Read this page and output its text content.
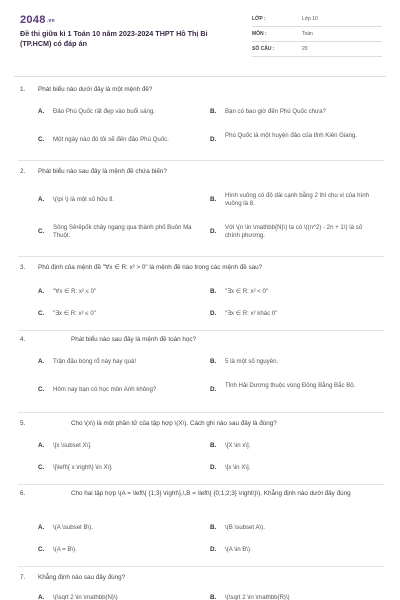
2048.vn
Đề thi giữa kì 1 Toán 10 năm 2023-2024 THPT Hồ Thị Bi (TP.HCM) có đáp án
LỚP :	Lớp 10
MÔN :	Toán
SỐ CÂU :	20
1. Phát biểu nào dưới đây là một mệnh đề?
A. Đảo Phú Quốc rất đẹp vào buổi sáng.	B. Bạn có bao giờ đến Phú Quốc chưa?
C. Một ngày nào đó tôi sẽ đến đảo Phú Quốc.	D.
Phú Quốc là một huyện đảo của tỉnh Kiên Giang.
2. Phát biểu nào sau đây là mệnh đề chứa biến?
A. \(\pi \) là một số hữu tỉ.	B.
Hình vuông có độ dài cạnh bằng 2 thì chu vi của hình vuông là 8.
C.
Sông Sêrêpốk chảy ngang qua thành phố Buôn Ma Thuột.
D.
Với \(n \in \mathbb{N}\) ta có \((n^2) - 2n + 1\) là số chính phương.
3. Phủ định của mệnh đề "∀x ∈ R: x² > 0" là mệnh đề nào trong các mệnh đề sau?
A. "∀x ∈ R: x² ≤ 0"	B. "∃x ∈ R: x² < 0"
C. "∃x ∈ R: x² ≤ 0"	D. "∃x ∈ R: x² khác 0"
4.	Phát biểu nào sau đây là mệnh đề toán học?
A. Trận đấu bóng rổ này hay quá!	B. 5 là một số nguyên.
C. Hôm nay bạn có học môn Anh không?	D.
Tỉnh Hải Dương thuộc vùng Đồng Bằng Bắc Bộ.
5.	Cho \(x\) là một phần tử của tập hợp \(X\). Cách ghi nào sau đây là đúng?
A. \[x \subset X\].	B. \[X \in x\].
C. \[\left\{ x \right\} \in X\].	D. \[x \in X\].
6.	Cho hai tập hợp \(A = \left\{ {1;3} \right\},\,B = \left\{ {0;1;2;3} \right\}\). Khẳng định nào dưới đây đúng
A. \(A \subset B\).	B. \(B \subset A\).
C. \(A = B\).	D. \(A \in B\).
7. Khẳng định nào sau đây đúng?
A. \(\sqrt 2 \in \mathbb{N}\)	B. \(\sqrt 2 \in \mathbb{R}\)
